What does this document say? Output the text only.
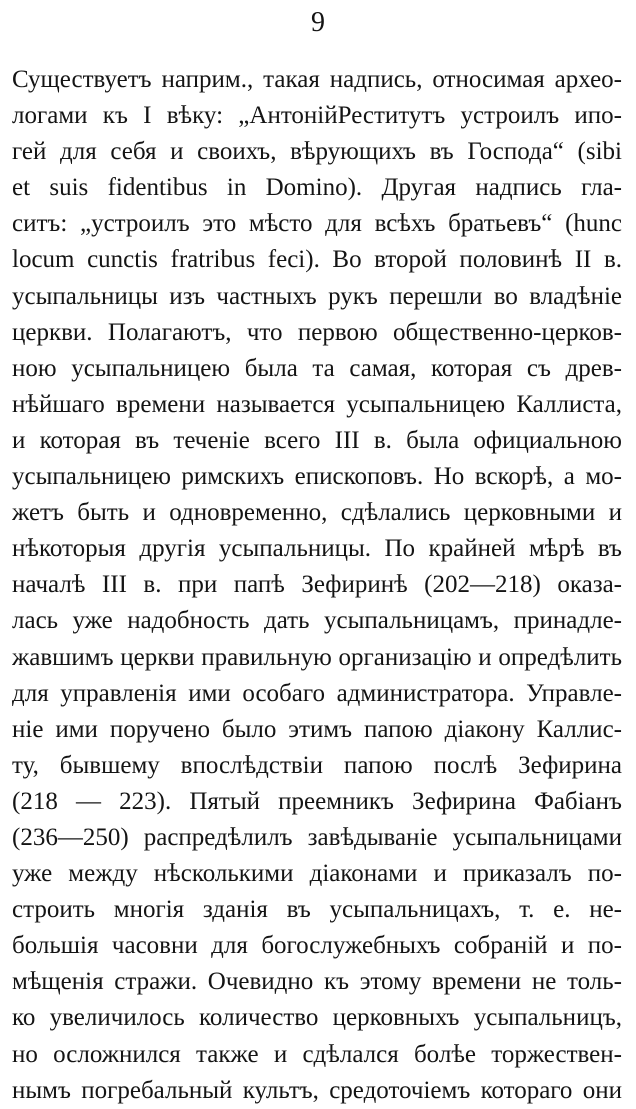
9
Существуетъ наприм., такая надпись, относимая архео-
логами къ I вѣку: „АнтонійРеститутъ устроилъ ипо-
гей для себя и своихъ, вѣрующихъ въ Господа“ (sibi
et suis fidentibus in Domino). Другая надпись гла-
ситъ: „устроилъ это мѣсто для всѣхъ братьевъ“ (hunc
locum cunctis fratribus feci). Во второй половинѣ II в.
усыпальницы изъ частныхъ рукъ перешли во владѣніе
церкви. Полагаютъ, что первою общественно-церков-
ною усыпальницею была та самая, которая съ древ-
нѣйшаго времени называется усыпальницею Каллиста,
и которая въ теченіе всего III в. была официальною
усыпальницею римскихъ епископовъ. Но вскорѣ, а мо-
жетъ быть и одновременно, сдѣлались церковными и
нѣкоторыя другія усыпальницы. По крайней мѣрѣ въ
началѣ III в. при папѣ Зефиринѣ (202—218) оказа-
лась уже надобность дать усыпальницамъ, принадле-
жавшимъ церкви правильную организацію и опредѣлить
для управленія ими особаго администратора. Управле-
ніе ими поручено было этимъ папою діакону Каллис-
ту, бывшему впослѣдствіи папою послѣ Зефирина
(218 — 223). Пятый преемникъ Зефирина Фабіанъ
(236—250) распредѣлилъ завѣдываніе усыпальницами
уже между нѣсколькими діаконами и приказалъ по-
строить многія зданія въ усыпальницахъ, т. е. не-
большія часовни для богослужебныхъ собраній и по-
мѣщенія стражи. Очевидно къ этому времени не толь-
ко увеличилось количество церковныхъ усыпальницъ,
но осложнился также и сдѣлался болѣе торжествен-
нымъ погребальный культъ, средоточіемъ котораго они
